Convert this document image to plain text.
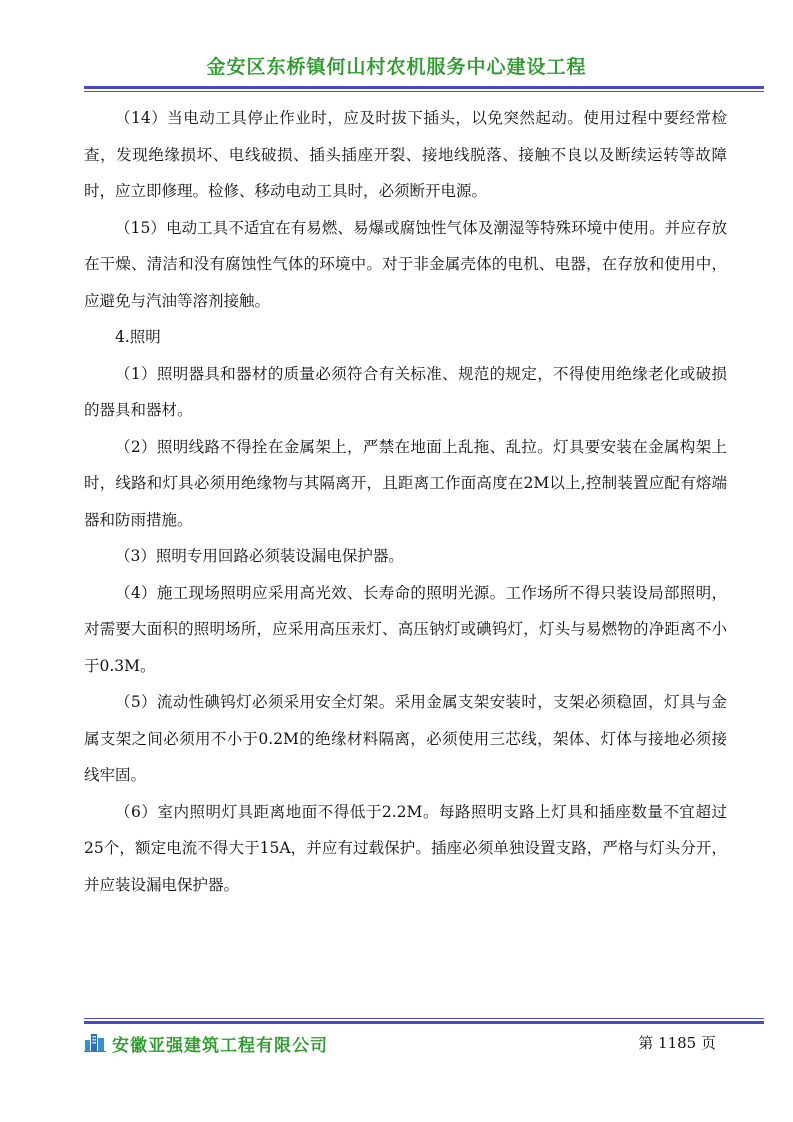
金安区东桥镇何山村农机服务中心建设工程

（14）当电动工具停止作业时，应及时拔下插头，以免突然起动。使用过程中要经常检查，发现绝缘损坏、电线破损、插头插座开裂、接地线脱落、接触不良以及断续运转等故障时，应立即修理。检修、移动电动工具时，必须断开电源。

（15）电动工具不适宜在有易燃、易爆或腐蚀性气体及潮湿等特殊环境中使用。并应存放在干燥、清洁和没有腐蚀性气体的环境中。对于非金属壳体的电机、电器，在存放和使用中，应避免与汽油等溶剂接触。

4.照明

（1）照明器具和器材的质量必须符合有关标准、规范的规定，不得使用绝缘老化或破损的器具和器材。

（2）照明线路不得拴在金属架上，严禁在地面上乱拖、乱拉。灯具要安装在金属构架上时，线路和灯具必须用绝缘物与其隔离开，且距离工作面高度在2M以上,控制装置应配有熔端器和防雨措施。

（3）照明专用回路必须装设漏电保护器。

（4）施工现场照明应采用高光效、长寿命的照明光源。工作场所不得只装设局部照明，对需要大面积的照明场所，应采用高压汞灯、高压钠灯或碘钨灯，灯头与易燃物的净距离不小于0.3M。

（5）流动性碘钨灯必须采用安全灯架。采用金属支架安装时，支架必须稳固，灯具与金属支架之间必须用不小于0.2M的绝缘材料隔离，必须使用三芯线，架体、灯体与接地必须接线牢固。

（6）室内照明灯具距离地面不得低于2.2M。每路照明支路上灯具和插座数量不宜超过25个，额定电流不得大于15A，并应有过载保护。插座必须单独设置支路，严格与灯头分开，并应装设漏电保护器。

安徽亚强建筑工程有限公司	第 1185 页
